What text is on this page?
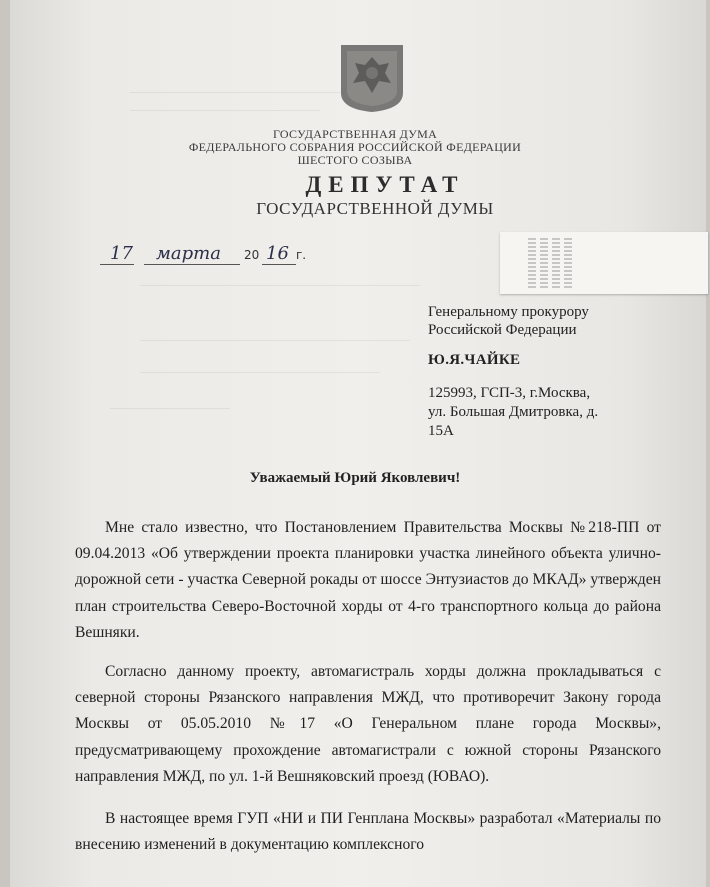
ГОСУДАРСТВЕННАЯ ДУМА
ФЕДЕРАЛЬНОГО СОБРАНИЯ РОССИЙСКОЙ ФЕДЕРАЦИИ
ШЕСТОГО СОЗЫВА
ДЕПУТАТ
ГОСУДАРСТВЕННОЙ ДУМЫ
17 марта 20 16 г.
Генеральному прокурору
Российской Федерации
Ю.Я.ЧАЙКЕ
125993, ГСП-3, г.Москва,
ул. Большая Дмитровка, д.
15А
Уважаемый Юрий Яковлевич!
Мне стало известно, что Постановлением Правительства Москвы №218-ПП от 09.04.2013 «Об утверждении проекта планировки участка линейного объекта улично-дорожной сети - участка Северной рокады от шоссе Энтузиастов до МКАД» утвержден план строительства Северо-Восточной хорды от 4-го транспортного кольца до района Вешняки.
Согласно данному проекту, автомагистраль хорды должна прокладываться с северной стороны Рязанского направления МЖД, что противоречит Закону города Москвы от 05.05.2010 №17 «О Генеральном плане города Москвы», предусматривающему прохождение автомагистрали с южной стороны Рязанского направления МЖД, по ул. 1-й Вешняковский проезд (ЮВАО).
В настоящее время ГУП «НИ и ПИ Генплана Москвы» разработал «Материалы по внесению изменений в документацию комплексного
